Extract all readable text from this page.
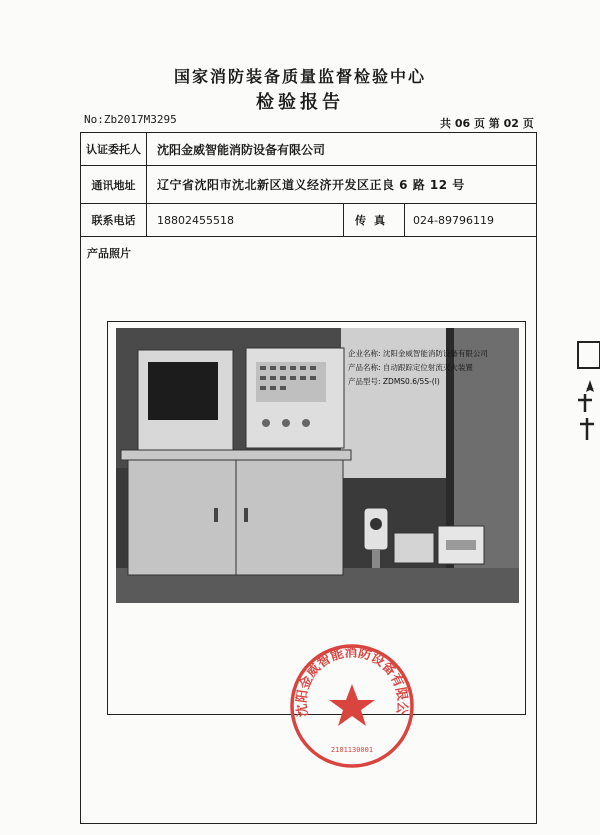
国家消防装备质量监督检验中心
检验报告
No:Zb2017M3295	共 06 页 第 02 页
认证委托人	沈阳金威智能消防设备有限公司
通讯地址	辽宁省沈阳市沈北新区道义经济开发区正良 6 路 12 号
联系电话	18802455518	传真	024-89796119
产品照片
企业名称: 沈阳金威智能消防设备有限公司
产品名称: 自动跟踪定位射流灭火装置
产品型号: ZDMS0.6/5S-(I)
沈阳金威智能消防设备有限公
2101130001
